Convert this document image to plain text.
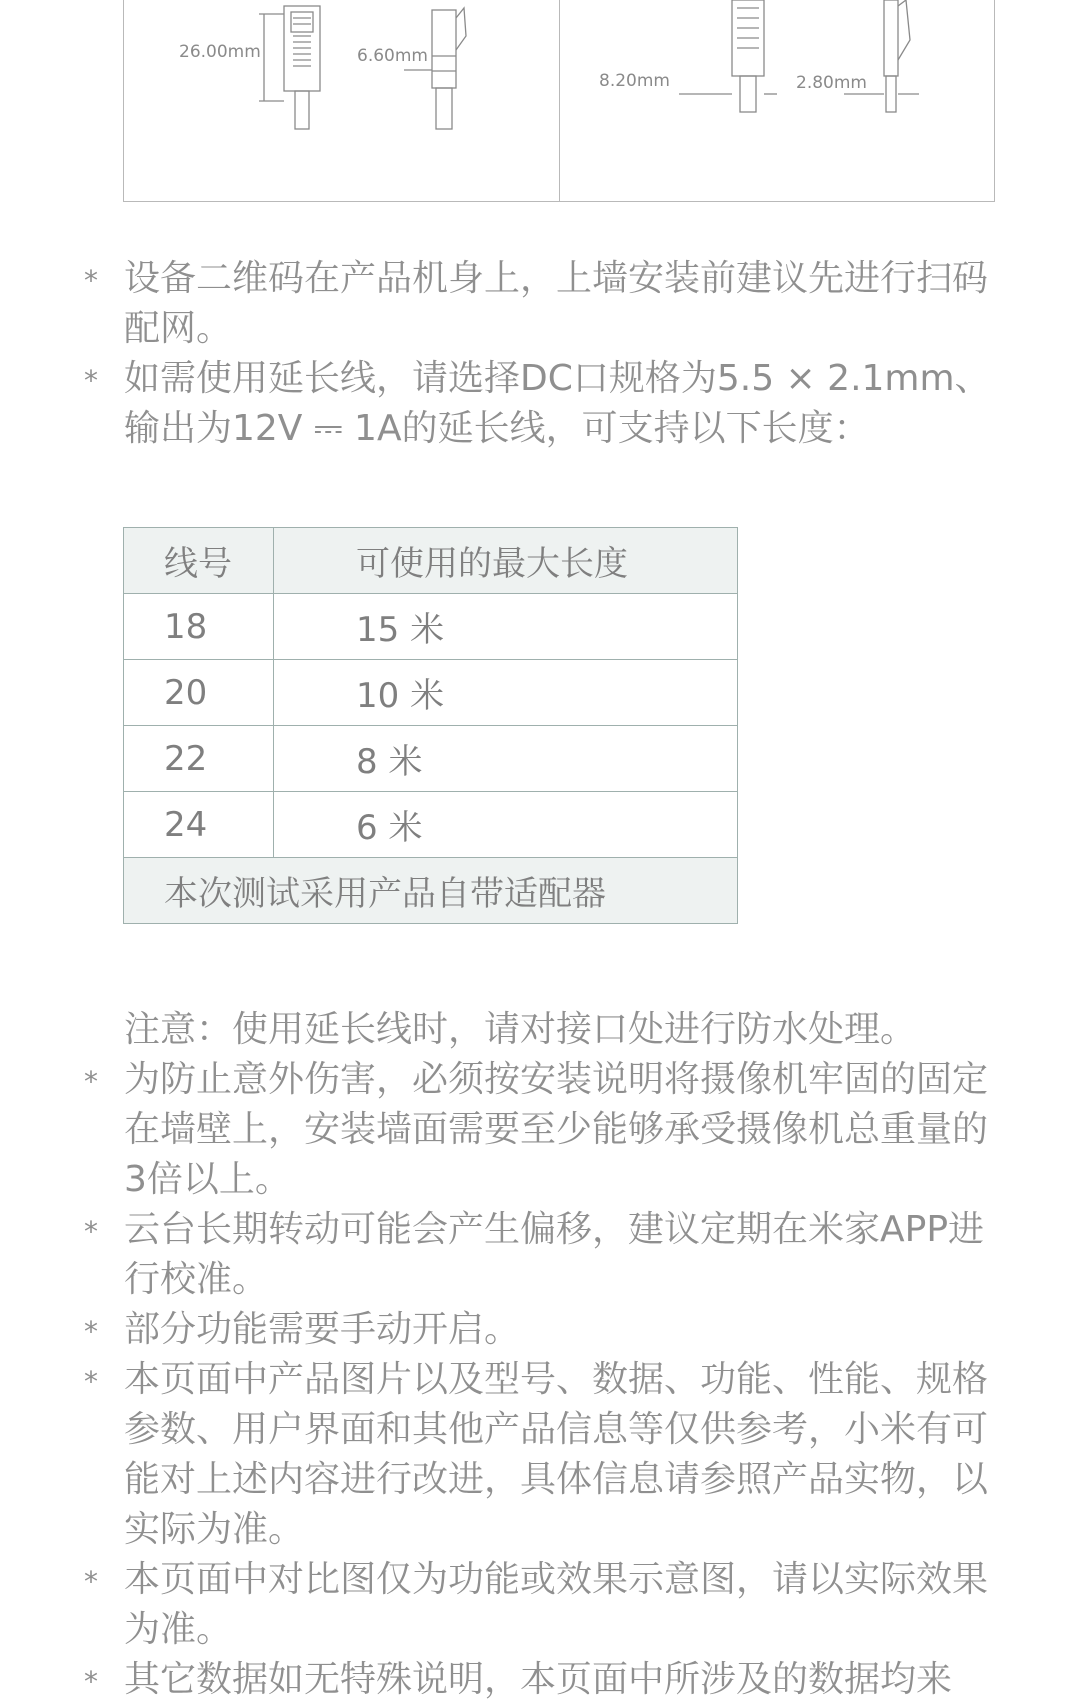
26.00mm	6.60mm
8.20mm	2.80mm
* 设备二维码在产品机身上，上墙安装前建议先进行扫码配网。
* 如需使用延长线，请选择DC口规格为5.5 × 2.1mm、输出为12V ⎓ 1A的延长线，可支持以下长度：
线号	可使用的最大长度
18	15 米
20	10 米
22	8 米
24	6 米
本次测试采用产品自带适配器	
注意：使用延长线时，请对接口处进行防水处理。
* 为防止意外伤害，必须按安装说明将摄像机牢固的固定在墙壁上，安装墙面需要至少能够承受摄像机总重量的3倍以上。
* 云台长期转动可能会产生偏移，建议定期在米家APP进行校准。
* 部分功能需要手动开启。
* 本页面中产品图片以及型号、数据、功能、性能、规格参数、用户界面和其他产品信息等仅供参考，小米有可能对上述内容进行改进，具体信息请参照产品实物，以实际为准。
* 本页面中对比图仅为功能或效果示意图，请以实际效果为准。
* 其它数据如无特殊说明，本页面中所涉及的数据均来
